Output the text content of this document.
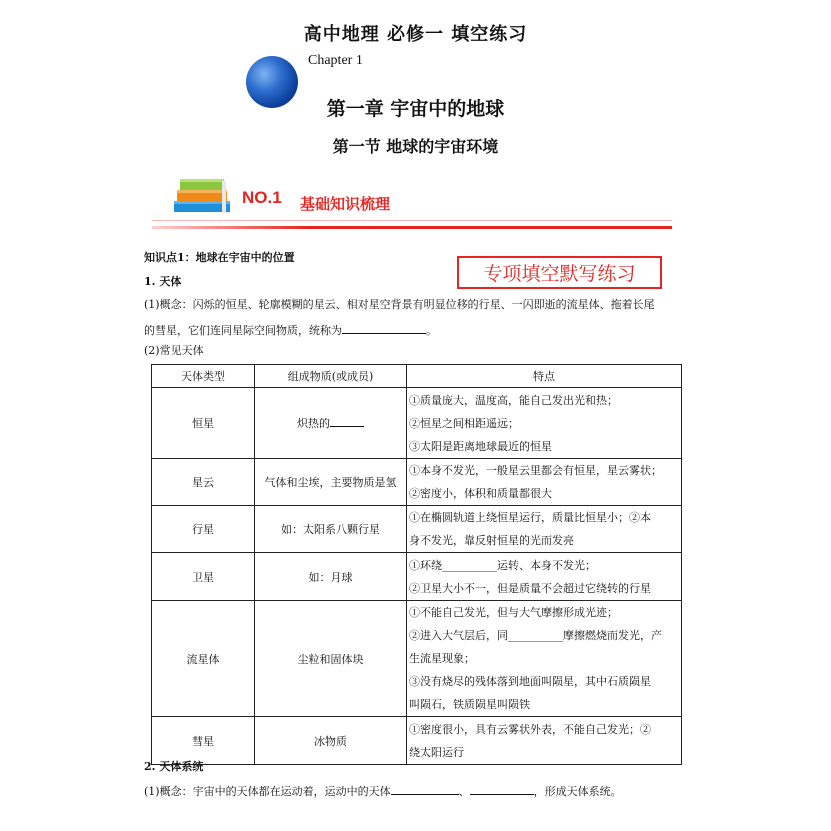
高中地理 必修一 填空练习
Chapter 1
第一章 宇宙中的地球
第一节 地球的宇宙环境
NO.1 基础知识梳理
专项填空默写练习
知识点1：地球在宇宙中的位置
1. 天体
(1)概念：闪烁的恒星、轮廓模糊的星云、相对星空背景有明显位移的行星、一闪即逝的流星体、拖着长尾
的彗星，它们连同星际空间物质，统称为	。
(2)常见天体
天体类型	组成物质(或成员)	特点
恒星	炽热的	①质量庞大，温度高，能自己发出光和热；
②恒星之间相距遥远；
③太阳是距离地球最近的恒星

星云	气体和尘埃，主要物质是氢	①本身不发光，一般星云里都会有恒星，星云雾状；
②密度小，体积和质量都很大

行星	如：太阳系八颗行星	①在椭圆轨道上绕恒星运行，质量比恒星小；②本
身不发光，靠反射恒星的光而发亮

卫星	如：月球	①环绕__________运转、本身不发光；
②卫星大小不一，但是质量不会超过它绕转的行星

流星体	尘粒和固体块	①不能自己发光，但与大气摩擦形成光迹；
②进入大气层后，同__________摩擦燃烧而发光，产
生流星现象；
③没有烧尽的残体落到地面叫陨星，其中石质陨星
叫陨石，铁质陨星叫陨铁

彗星	冰物质	①密度很小，具有云雾状外表，不能自己发光；②
绕太阳运行
2. 天体系统
(1)概念：宇宙中的天体都在运动着，运动中的天体	、	，形成天体系统。
